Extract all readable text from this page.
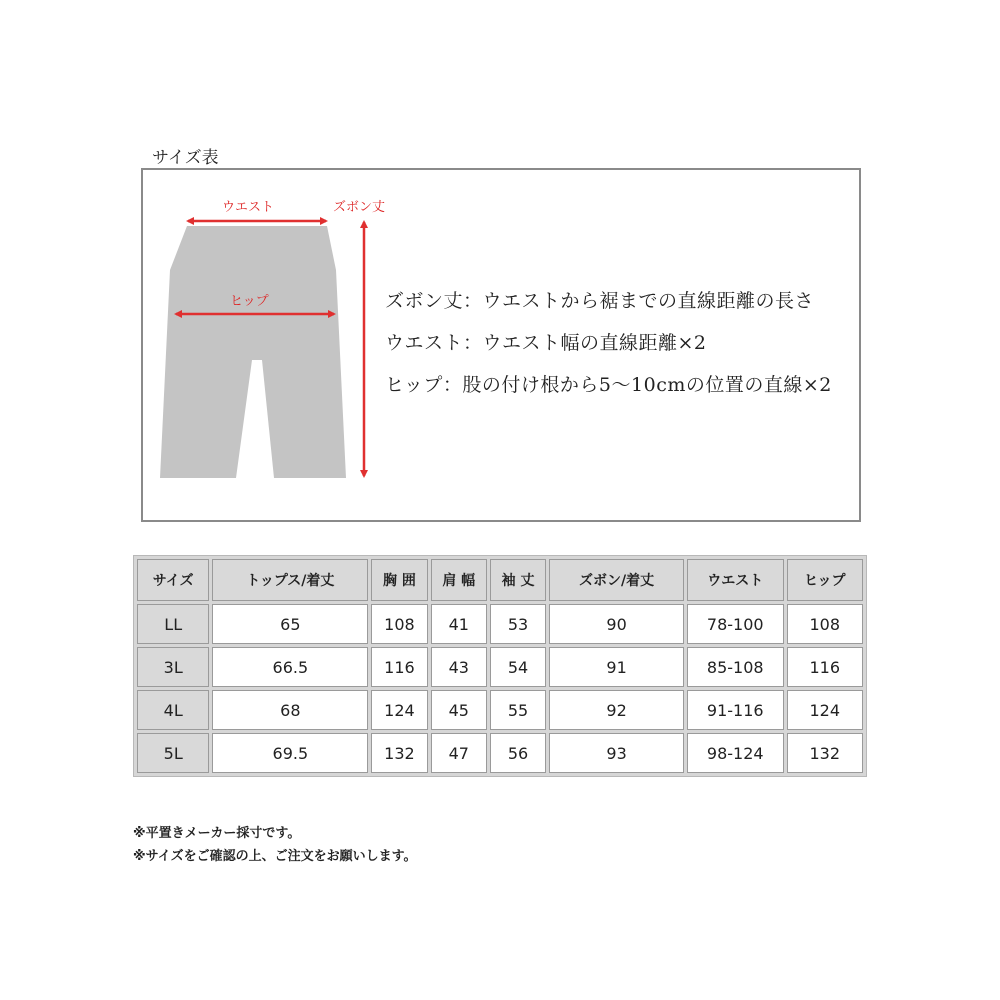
サイズ表
ウエスト	ズボン丈
ヒップ	ズボン丈：ウエストから裾までの直線距離の長さ
ウエスト：ウエスト幅の直線距離×2
ヒップ：股の付け根から5～10cmの位置の直線×2
サイズ	トップス/着丈	胸 囲	肩 幅	袖 丈	ズボン/着丈	ウエスト	ヒップ
LL	65	108	41	53	90	78-100	108
3L	66.5	116	43	54	91	85-108	116
4L	68	124	45	55	92	91-116	124
5L	69.5	132	47	56	93	98-124	132
※平置きメーカー採寸です。
※サイズをご確認の上、ご注文をお願いします。
